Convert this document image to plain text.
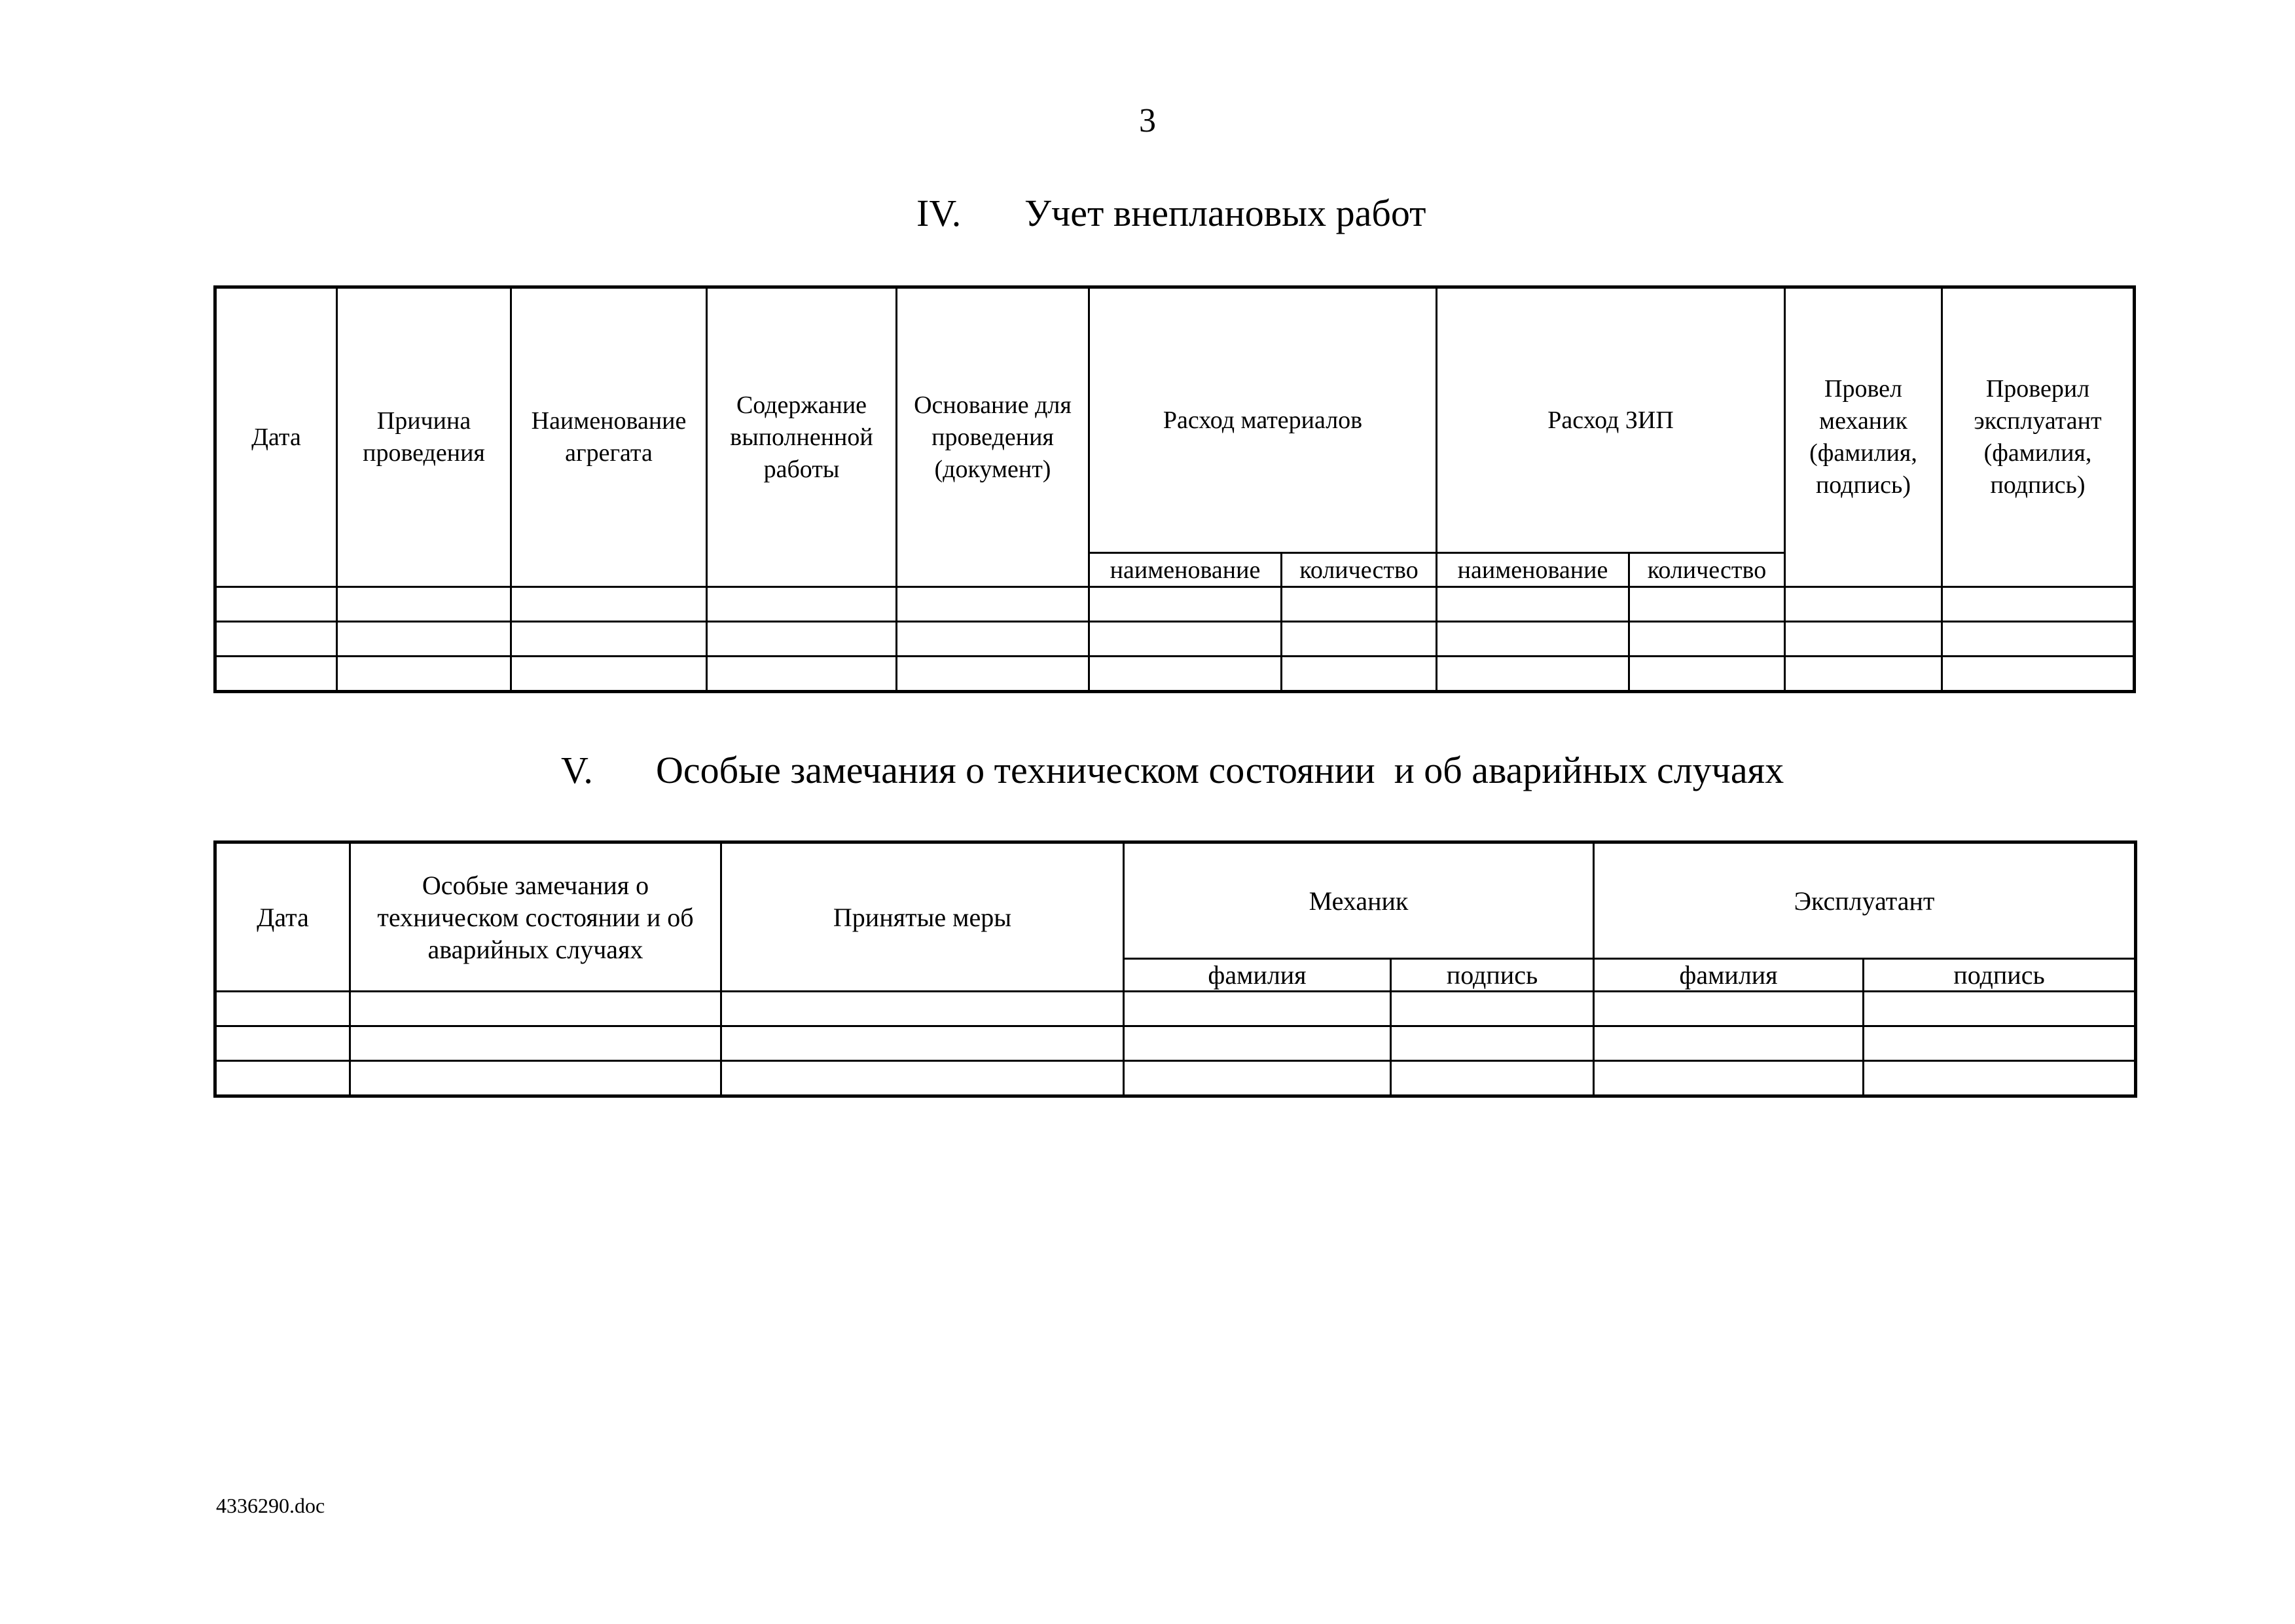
3
IV. Учет внеплановых работ
Дата	Причина проведения	Наименование агрегата	Содержание выполненной работы	Основание для проведения (документ)	Расход материалов		Расход ЗИП		Провел механик (фамилия, подпись)	Проверил эксплуатант (фамилия, подпись)
					наименование	количество	наименование	количество		

V. Особые замечания о техническом состоянии  и об аварийных случаях
Дата	Особые замечания о техническом состоянии и об аварийных случаях	Принятые меры	Механик		Эксплуатант	
			фамилия	подпись	фамилия	подпись

4336290.doc
